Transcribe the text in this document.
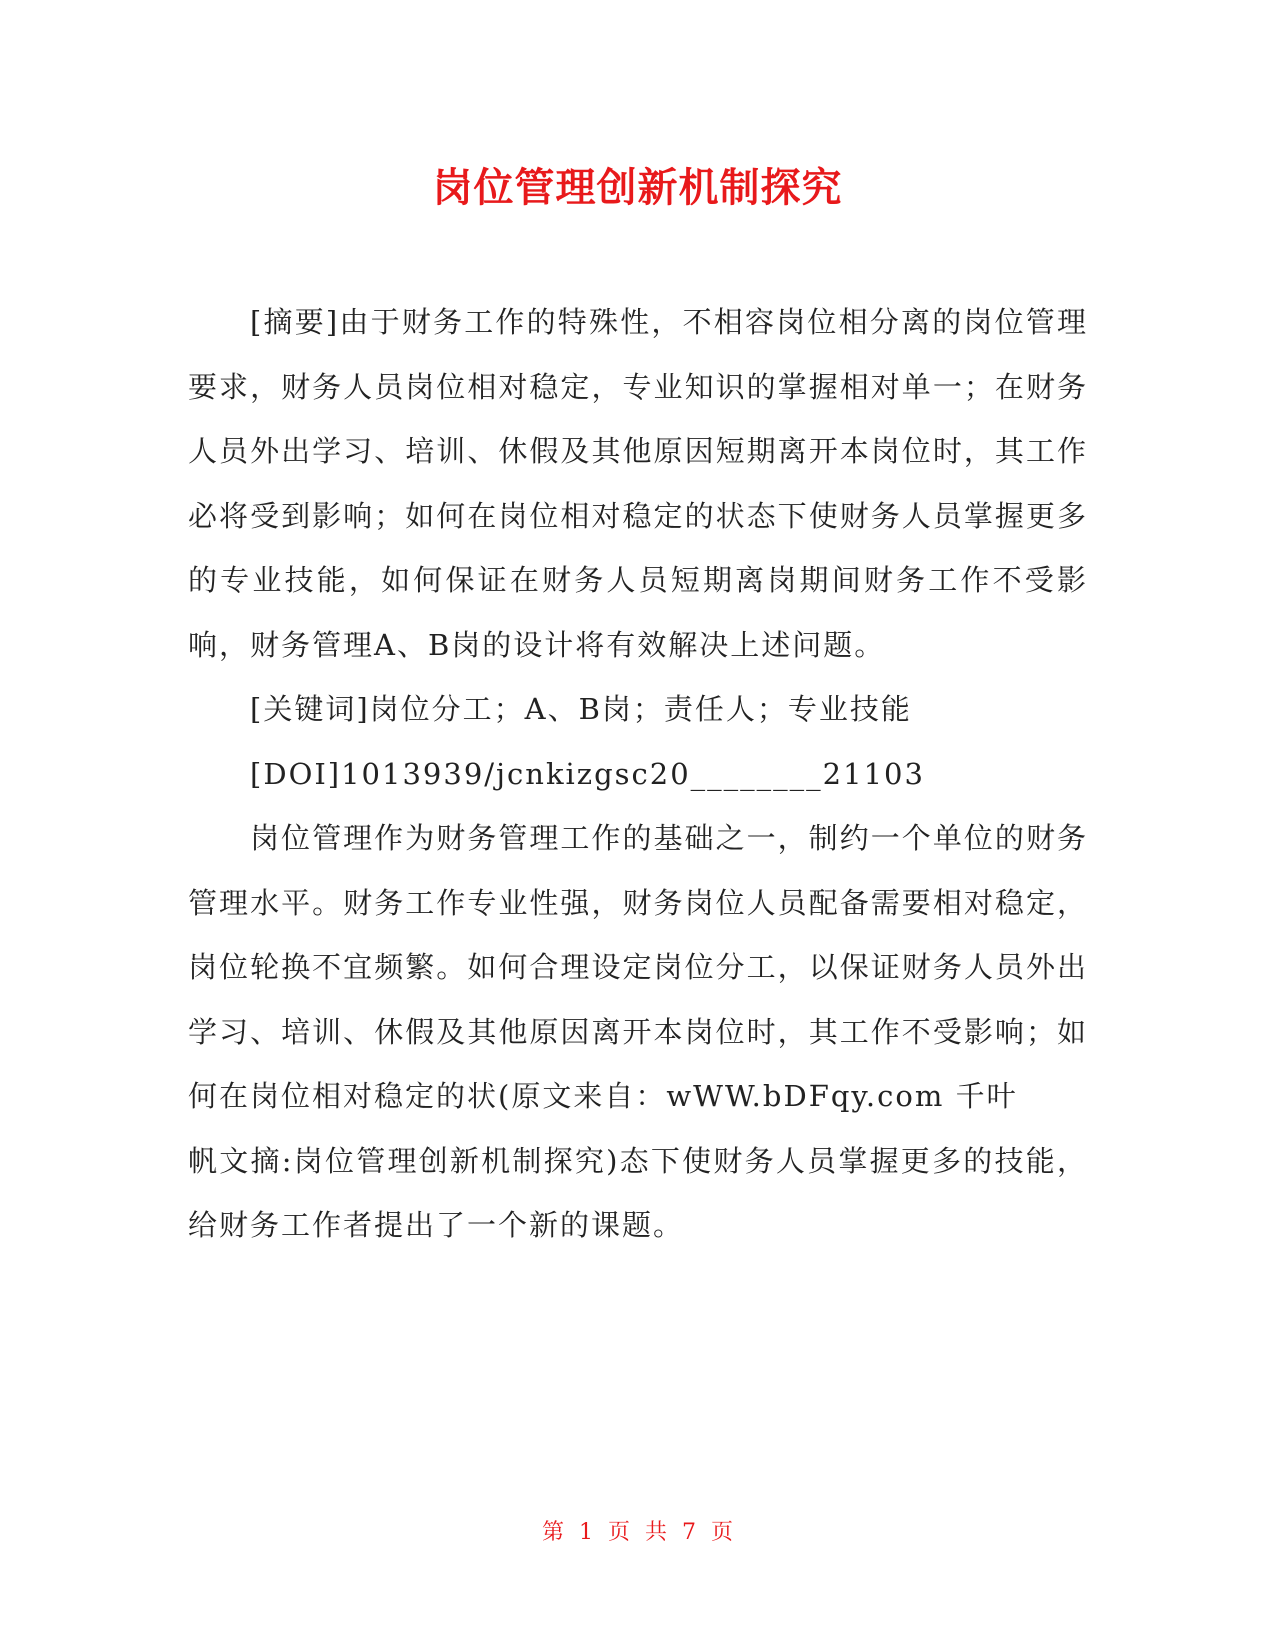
岗位管理创新机制探究

[摘要]由于财务工作的特殊性，不相容岗位相分离的岗位管理要求，财务人员岗位相对稳定，专业知识的掌握相对单一；在财务人员外出学习、培训、休假及其他原因短期离开本岗位时，其工作必将受到影响；如何在岗位相对稳定的状态下使财务人员掌握更多的专业技能，如何保证在财务人员短期离岗期间财务工作不受影响，财务管理A、B岗的设计将有效解决上述问题。

[关键词]岗位分工；A、B岗；责任人；专业技能

[DOI]1013939/jcnkizgsc20________21103

岗位管理作为财务管理工作的基础之一，制约一个单位的财务管理水平。财务工作专业性强，财务岗位人员配备需要相对稳定，岗位轮换不宜频繁。如何合理设定岗位分工，以保证财务人员外出学习、培训、休假及其他原因离开本岗位时，其工作不受影响；如何在岗位相对稳定的状(原文来自：wWW.bDFqy.com 千叶

帆文摘:岗位管理创新机制探究)态下使财务人员掌握更多的技能，给财务工作者提出了一个新的课题。

第 1 页 共 7 页
